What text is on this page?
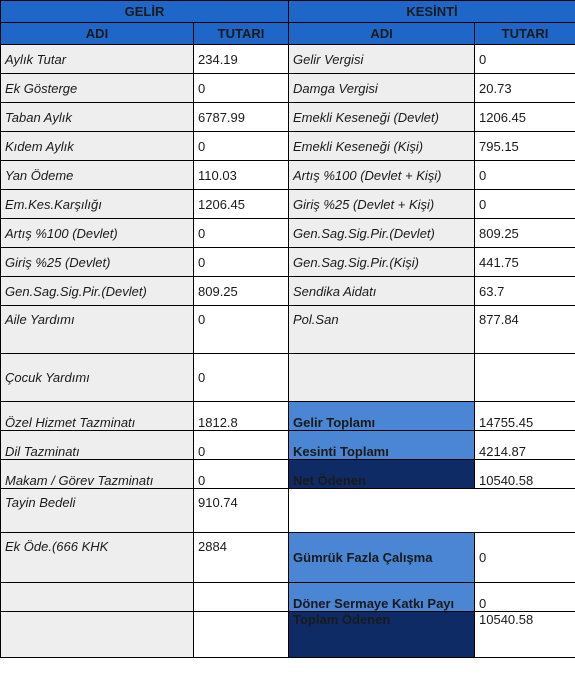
GELİR		KESİNTİ	
ADI	TUTARI	ADI	TUTARI
Aylık Tutar	234.19	Gelir Vergisi	0
Ek Gösterge	0	Damga Vergisi	20.73
Taban Aylık	6787.99	Emekli Keseneği (Devlet)	1206.45
Kıdem Aylık	0	Emekli Keseneği (Kişi)	795.15
Yan Ödeme	110.03	Artış %100 (Devlet + Kişi)	0
Em.Kes.Karşılığı	1206.45	Giriş %25 (Devlet + Kişi)	0
Artış %100 (Devlet)	0	Gen.Sag.Sig.Pir.(Devlet)	809.25
Giriş %25 (Devlet)	0	Gen.Sag.Sig.Pir.(Kişi)	441.75
Gen.Sag.Sig.Pir.(Devlet)	809.25	Sendika Aidatı	63.7
Aile Yardımı	0	Pol.San	877.84
Çocuk Yardımı	0		
Özel Hizmet Tazminatı	1812.8	Gelir Toplamı	14755.45
Dil Tazminatı	0	Kesinti Toplamı	4214.87
Makam / Görev Tazminatı	0	Net Ödenen	10540.58
Tayin Bedeli	910.74		
Ek Öde.(666 KHK	2884	Gümrük Fazla Çalışma	0
		Döner Sermaye Katkı Payı	0
		Toplam Ödenen	10540.58
